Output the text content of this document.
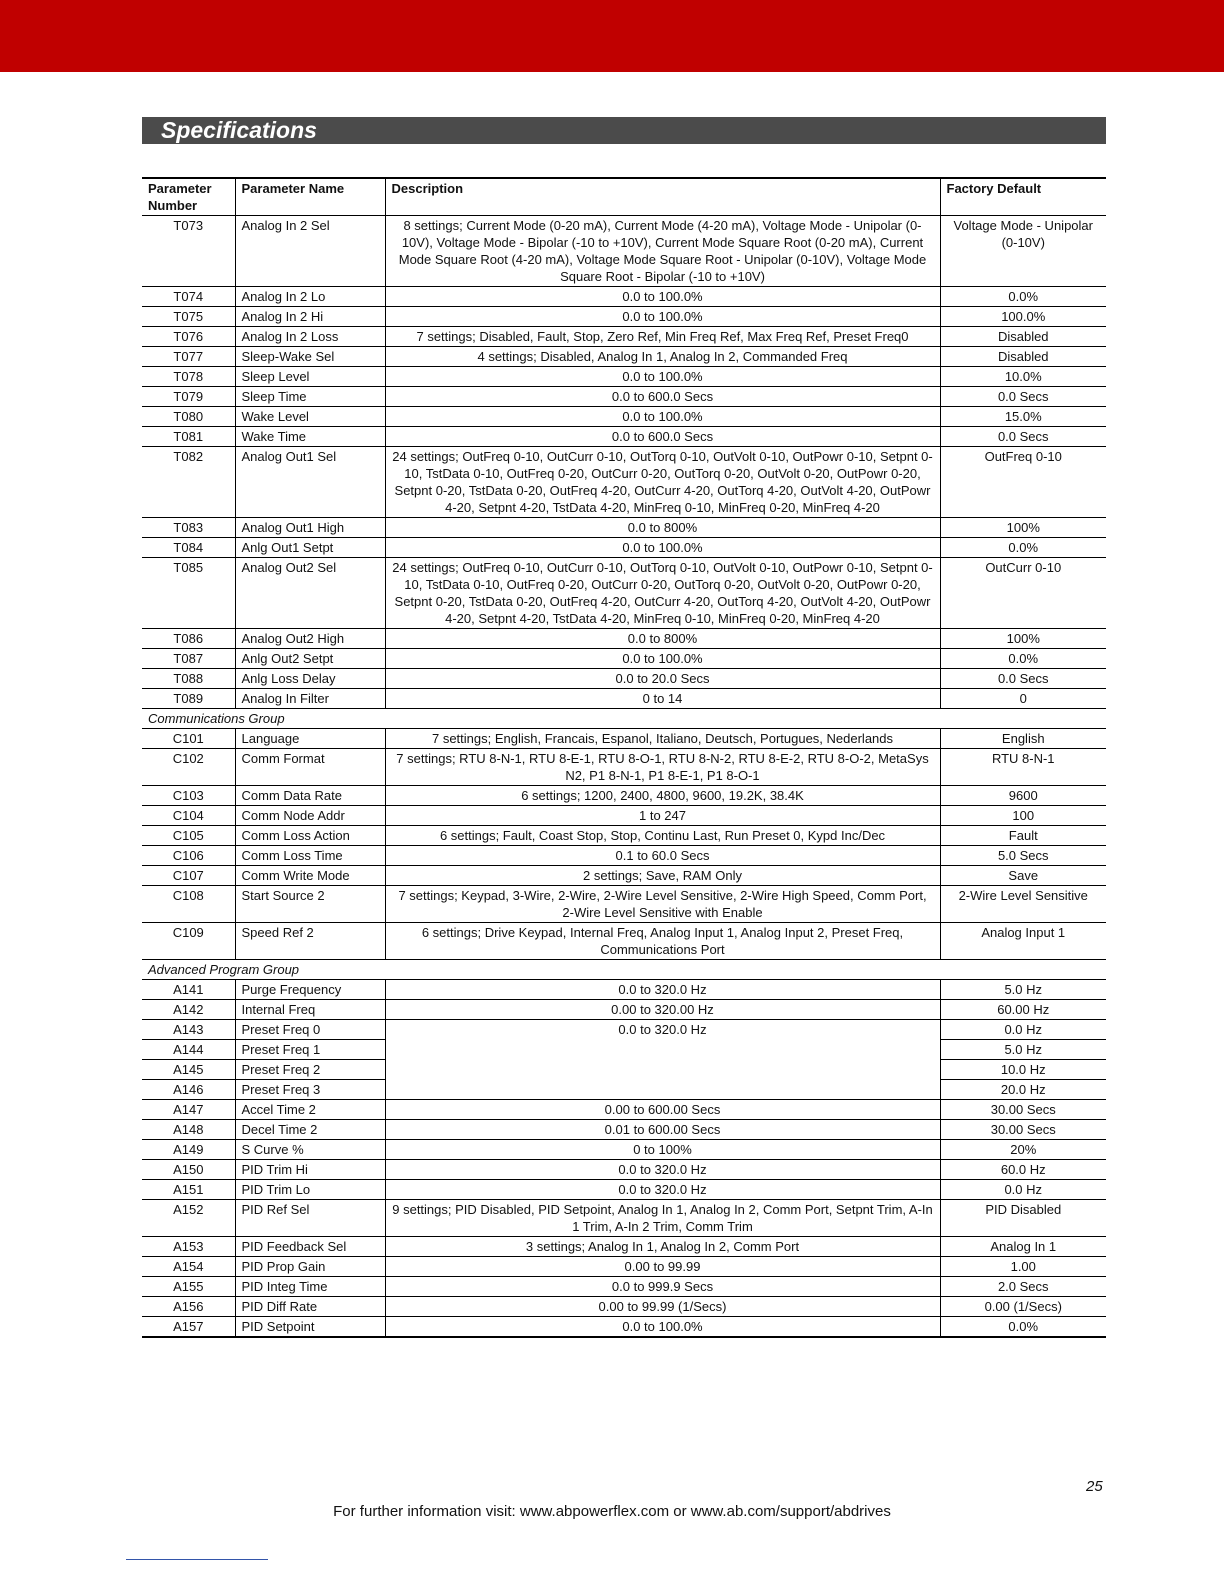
Specifications
Parameter Number	Parameter Name	Description	Factory Default
T073	Analog In 2 Sel	8 settings; Current Mode (0-20 mA), Current Mode (4-20 mA), Voltage Mode - Unipolar (0-10V), Voltage Mode - Bipolar (-10 to +10V), Current Mode Square Root (0-20 mA), Current Mode Square Root (4-20 mA), Voltage Mode Square Root - Unipolar (0-10V), Voltage Mode Square Root - Bipolar (-10 to +10V)	Voltage Mode - Unipolar (0-10V)
T074	Analog In 2 Lo	0.0 to 100.0%	0.0%
T075	Analog In 2 Hi	0.0 to 100.0%	100.0%
T076	Analog In 2 Loss	7 settings; Disabled, Fault, Stop, Zero Ref, Min Freq Ref, Max Freq Ref, Preset Freq0	Disabled
T077	Sleep-Wake Sel	4 settings; Disabled, Analog In 1, Analog In 2, Commanded Freq	Disabled
T078	Sleep Level	0.0 to 100.0%	10.0%
T079	Sleep Time	0.0 to 600.0 Secs	0.0 Secs
T080	Wake Level	0.0 to 100.0%	15.0%
T081	Wake Time	0.0 to 600.0 Secs	0.0 Secs
T082	Analog Out1 Sel	24 settings; OutFreq 0-10, OutCurr 0-10, OutTorq 0-10, OutVolt 0-10, OutPowr 0-10, Setpnt 0-10, TstData 0-10, OutFreq 0-20, OutCurr 0-20, OutTorq 0-20, OutVolt 0-20, OutPowr 0-20, Setpnt 0-20, TstData 0-20, OutFreq 4-20, OutCurr 4-20, OutTorq 4-20, OutVolt 4-20, OutPowr 4-20, Setpnt 4-20, TstData 4-20, MinFreq 0-10, MinFreq 0-20, MinFreq 4-20	OutFreq 0-10
T083	Analog Out1 High	0.0 to 800%	100%
T084	Anlg Out1 Setpt	0.0 to 100.0%	0.0%
T085	Analog Out2 Sel	24 settings; OutFreq 0-10, OutCurr 0-10, OutTorq 0-10, OutVolt 0-10, OutPowr 0-10, Setpnt 0-10, TstData 0-10, OutFreq 0-20, OutCurr 0-20, OutTorq 0-20, OutVolt 0-20, OutPowr 0-20, Setpnt 0-20, TstData 0-20, OutFreq 4-20, OutCurr 4-20, OutTorq 4-20, OutVolt 4-20, OutPowr 4-20, Setpnt 4-20, TstData 4-20, MinFreq 0-10, MinFreq 0-20, MinFreq 4-20	OutCurr 0-10
T086	Analog Out2 High	0.0 to 800%	100%
T087	Anlg Out2 Setpt	0.0 to 100.0%	0.0%
T088	Anlg Loss Delay	0.0 to 20.0 Secs	0.0 Secs
T089	Analog In Filter	0 to 14	0
Communications Group			
C101	Language	7 settings; English, Francais, Espanol, Italiano, Deutsch, Portugues, Nederlands	English
C102	Comm Format	7 settings; RTU 8-N-1, RTU 8-E-1, RTU 8-O-1, RTU 8-N-2, RTU 8-E-2, RTU 8-O-2, MetaSys N2, P1 8-N-1, P1 8-E-1, P1 8-O-1	RTU 8-N-1
C103	Comm Data Rate	6 settings; 1200, 2400, 4800, 9600, 19.2K, 38.4K	9600
C104	Comm Node Addr	1 to 247	100
C105	Comm Loss Action	6 settings; Fault, Coast Stop, Stop, Continu Last, Run Preset 0, Kypd Inc/Dec	Fault
C106	Comm Loss Time	0.1 to 60.0 Secs	5.0 Secs
C107	Comm Write Mode	2 settings; Save, RAM Only	Save
C108	Start Source 2	7 settings; Keypad, 3-Wire, 2-Wire, 2-Wire Level Sensitive, 2-Wire High Speed, Comm Port, 2-Wire Level Sensitive with Enable	2-Wire Level Sensitive
C109	Speed Ref 2	6 settings; Drive Keypad, Internal Freq, Analog Input 1, Analog Input 2, Preset Freq, Communications Port	Analog Input 1
Advanced Program Group			
A141	Purge Frequency	0.0 to 320.0 Hz	5.0 Hz
A142	Internal Freq	0.00 to 320.00 Hz	60.00 Hz
A143	Preset Freq 0	0.0 to 320.0 Hz	0.0 Hz
A144	Preset Freq 1		5.0 Hz
A145	Preset Freq 2		10.0 Hz
A146	Preset Freq 3		20.0 Hz
A147	Accel Time 2	0.00 to 600.00 Secs	30.00 Secs
A148	Decel Time 2	0.01 to 600.00 Secs	30.00 Secs
A149	S Curve %	0 to 100%	20%
A150	PID Trim Hi	0.0 to 320.0 Hz	60.0 Hz
A151	PID Trim Lo	0.0 to 320.0 Hz	0.0 Hz
A152	PID Ref Sel	9 settings; PID Disabled, PID Setpoint, Analog In 1, Analog In 2, Comm Port, Setpnt Trim, A-In 1 Trim, A-In 2 Trim, Comm Trim	PID Disabled
A153	PID Feedback Sel	3 settings; Analog In 1, Analog In 2, Comm Port	Analog In 1
A154	PID Prop Gain	0.00 to 99.99	1.00
A155	PID Integ Time	0.0 to 999.9 Secs	2.0 Secs
A156	PID Diff Rate	0.00 to 99.99 (1/Secs)	0.00 (1/Secs)
A157	PID Setpoint	0.0 to 100.0%	0.0%
25
For further information visit: www.abpowerflex.com or www.ab.com/support/abdrives
